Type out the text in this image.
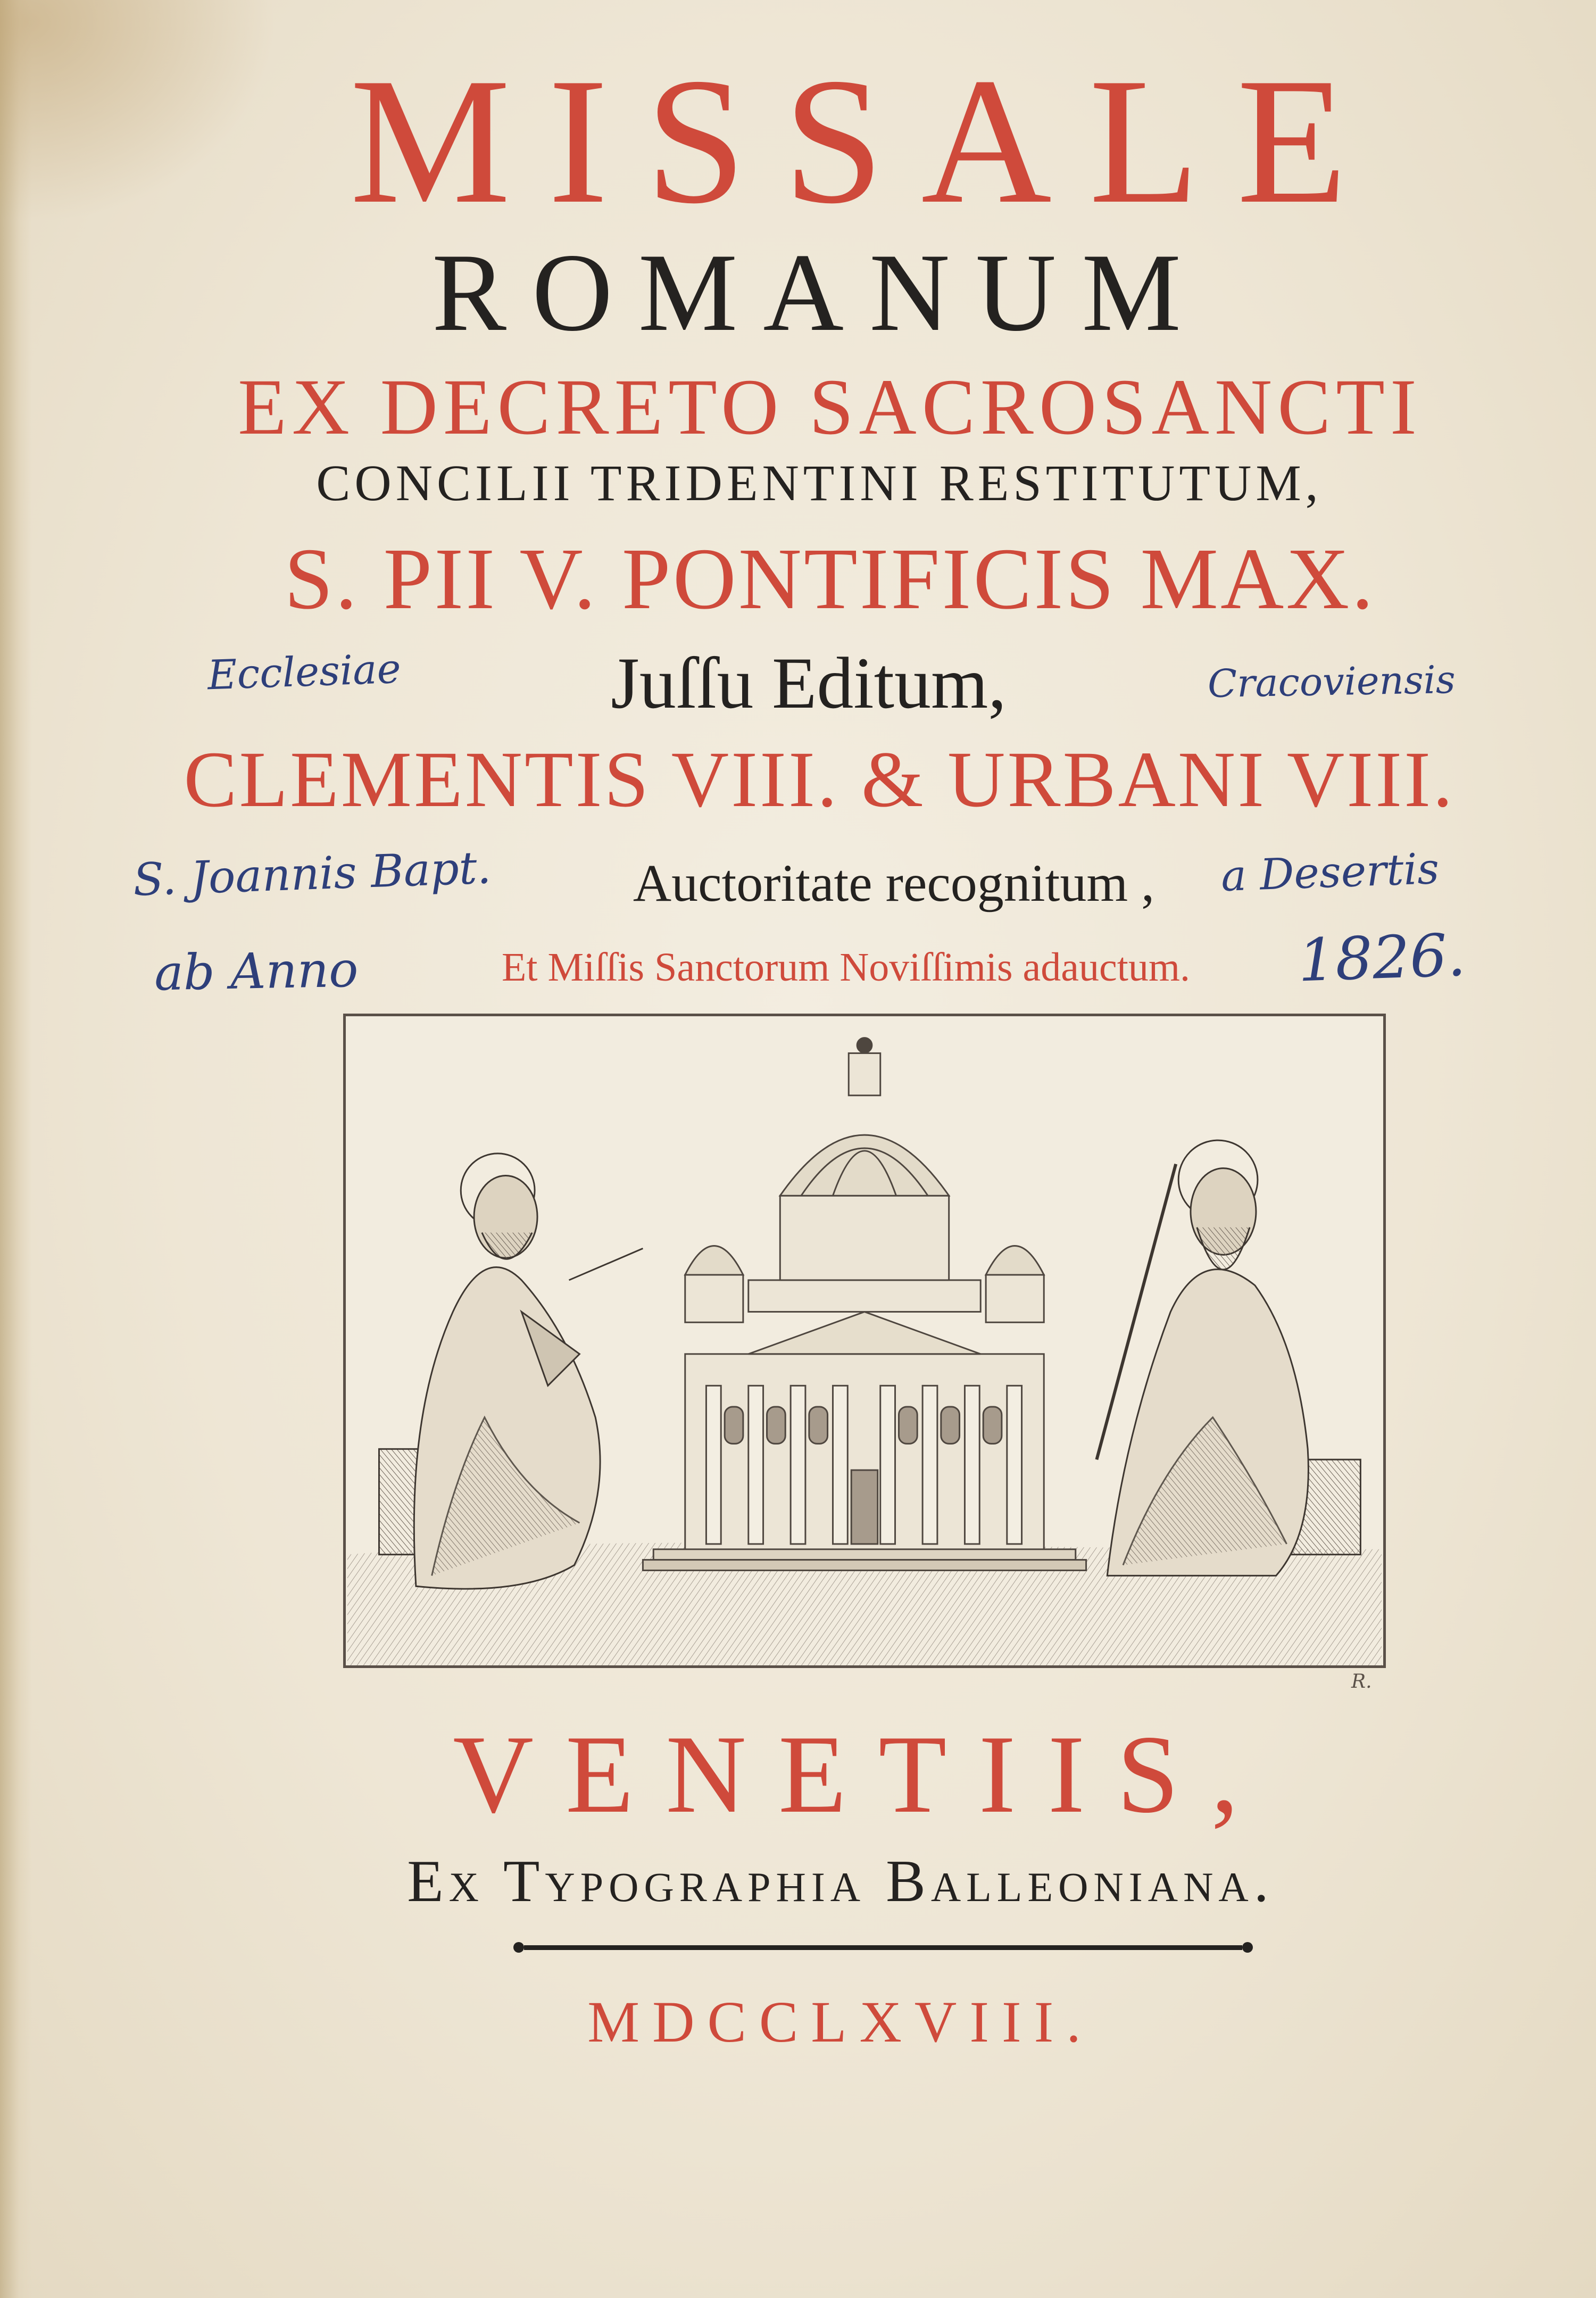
MISSALE
ROMANUM
EX DECRETO SACROSANCTI
CONCILII TRIDENTINI RESTITUTUM,
S. PII V. PONTIFICIS MAX.
Juſſu Editum,
CLEMENTIS VIII. & URBANI VIII.
Auctoritate recognitum ,
Et Miſſis Sanctorum Noviſſimis adauctum.
Ecclesiae	Cracoviensis
S. Joannis Bapt.	a Desertis
ab Anno	1826.
R.
VENETIIS,
Ex Typographia Balleoniana.
MDCCLXVIII.
